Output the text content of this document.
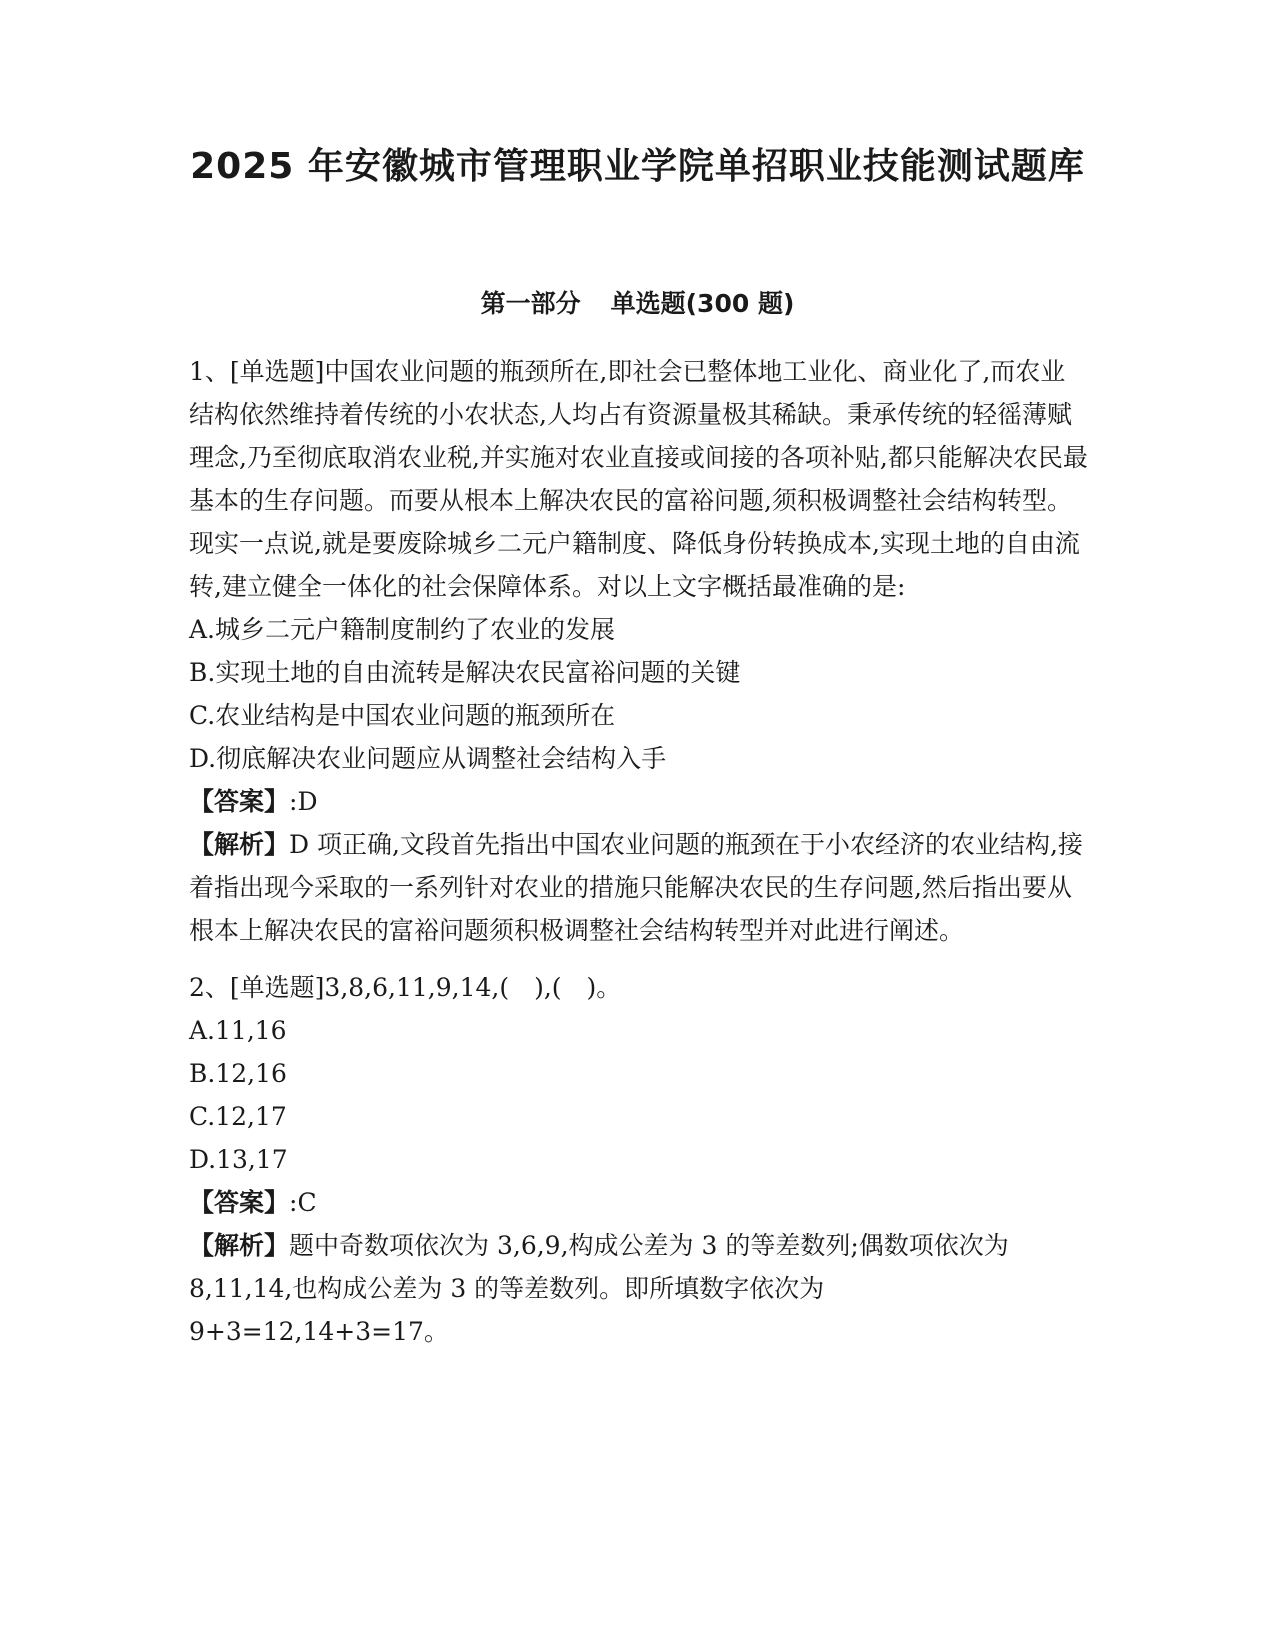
2025 年安徽城市管理职业学院单招职业技能测试题库
第一部分 单选题(300 题)

1、[单选题]中国农业问题的瓶颈所在,即社会已整体地工业化、商业化了,而农业结构依然维持着传统的小农状态,人均占有资源量极其稀缺。秉承传统的轻徭薄赋理念,乃至彻底取消农业税,并实施对农业直接或间接的各项补贴,都只能解决农民最基本的生存问题。而要从根本上解决农民的富裕问题,须积极调整社会结构转型。现实一点说,就是要废除城乡二元户籍制度、降低身份转换成本,实现土地的自由流转,建立健全一体化的社会保障体系。对以上文字概括最准确的是:

A.城乡二元户籍制度制约了农业的发展

B.实现土地的自由流转是解决农民富裕问题的关键

C.农业结构是中国农业问题的瓶颈所在

D.彻底解决农业问题应从调整社会结构入手

【答案】:D

【解析】D 项正确,文段首先指出中国农业问题的瓶颈在于小农经济的农业结构,接着指出现今采取的一系列针对农业的措施只能解决农民的生存问题,然后指出要从根本上解决农民的富裕问题须积极调整社会结构转型并对此进行阐述。

2、[单选题]3,8,6,11,9,14,(　),(　)。

A.11,16

B.12,16

C.12,17

D.13,17

【答案】:C

【解析】题中奇数项依次为 3,6,9,构成公差为 3 的等差数列;偶数项依次为 8,11,14,也构成公差为 3 的等差数列。即所填数字依次为 9+3=12,14+3=17。
